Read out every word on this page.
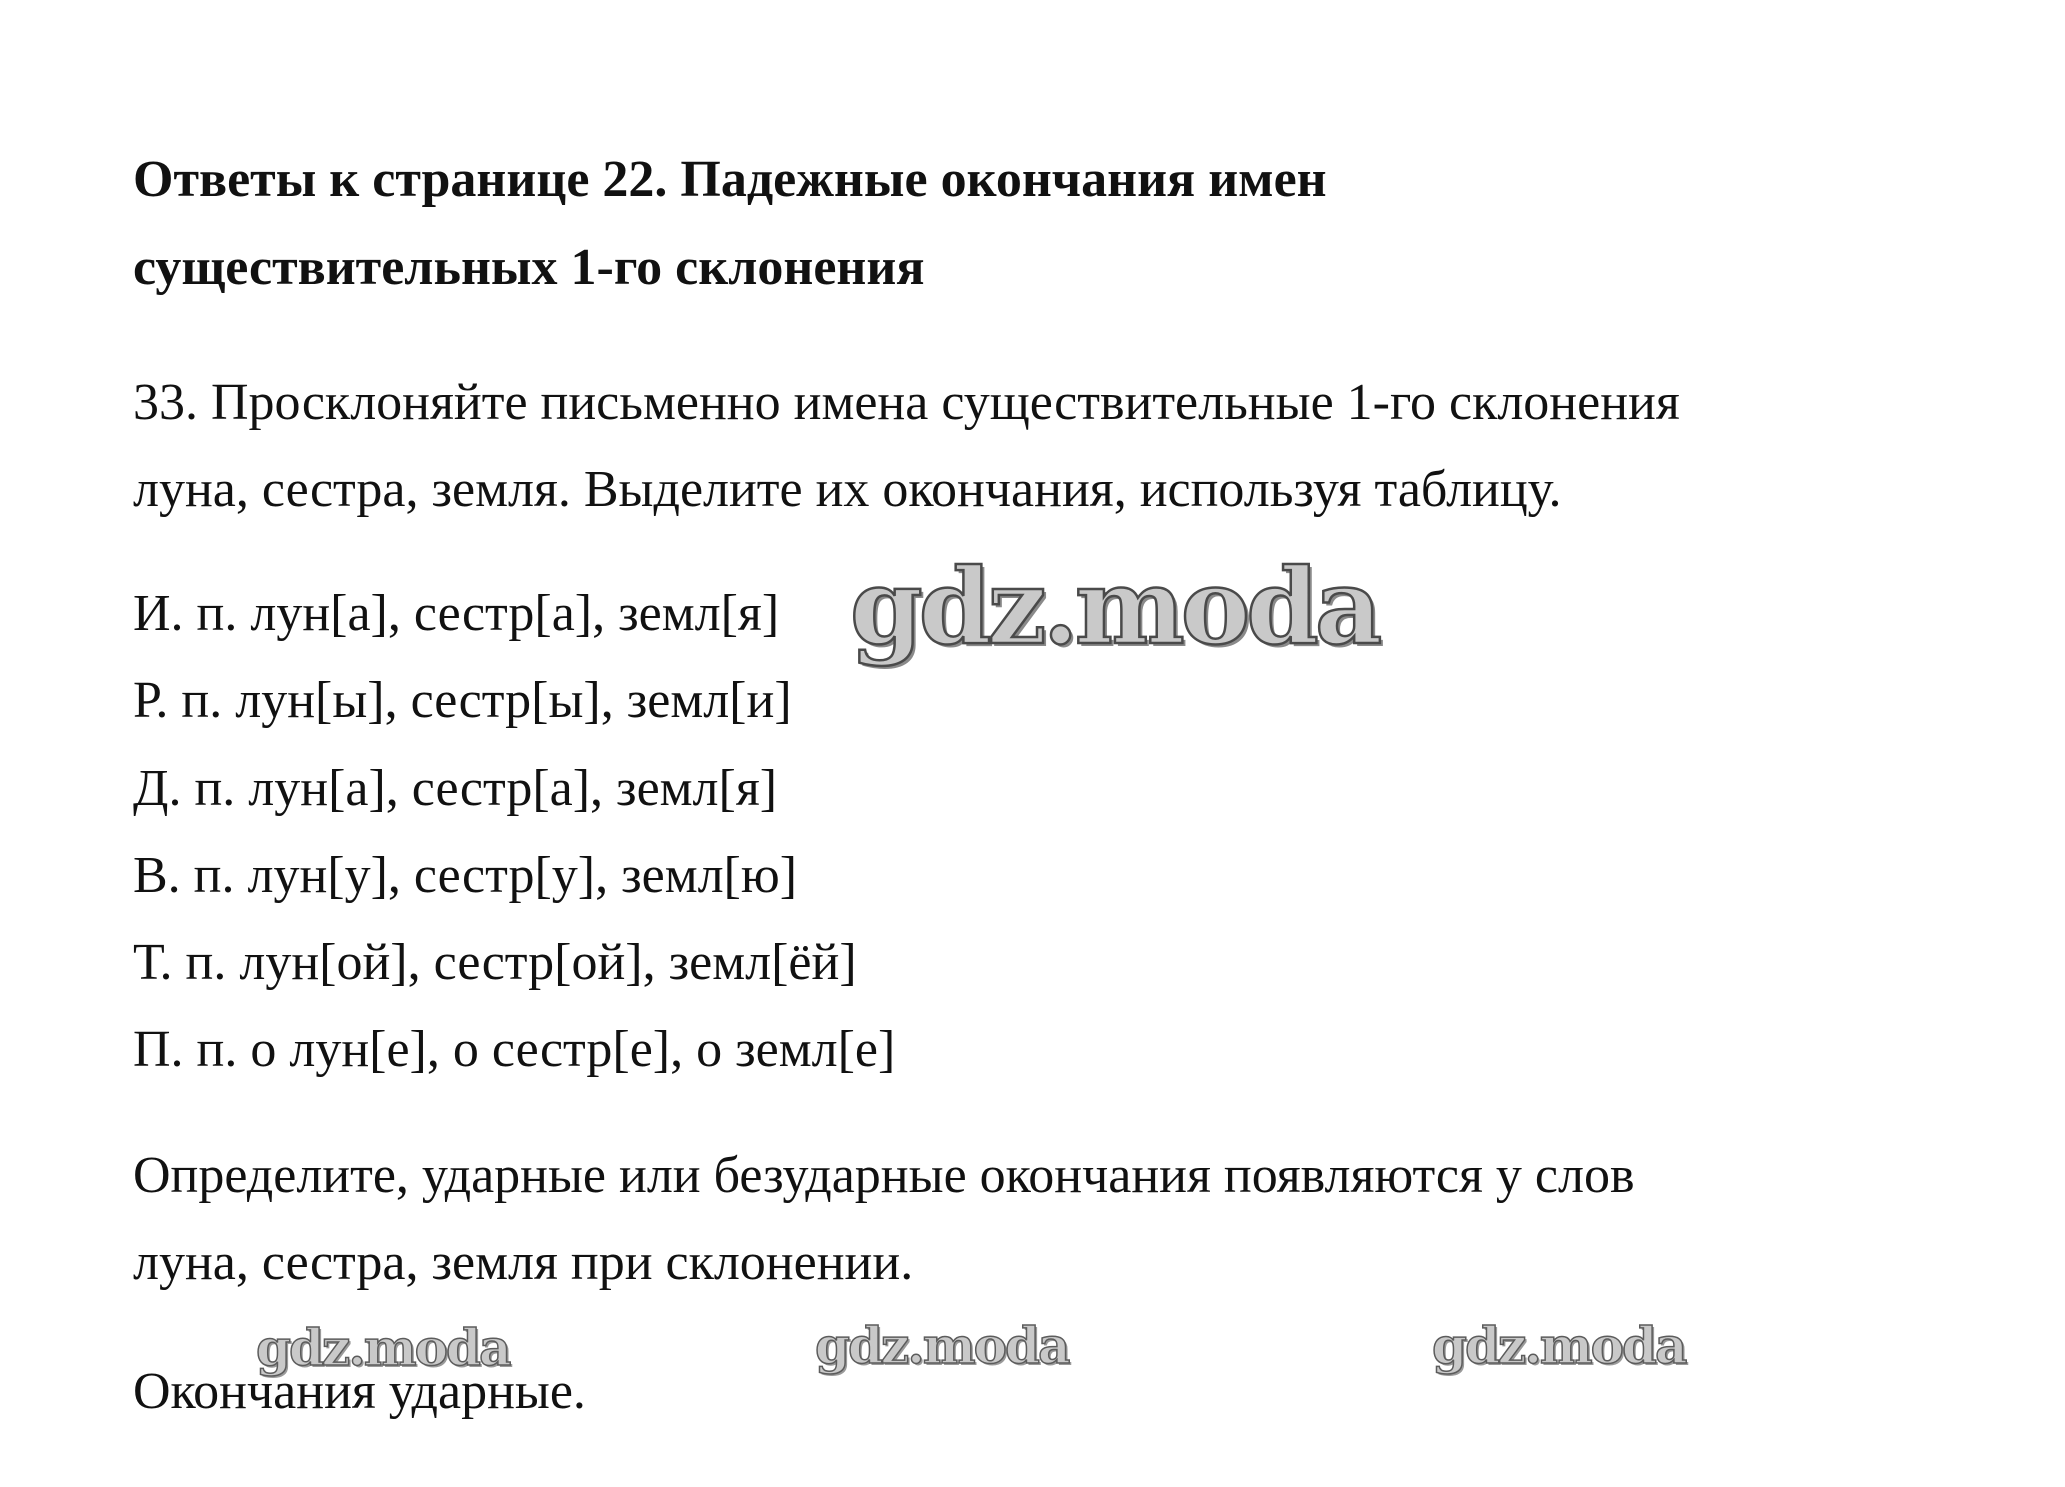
Ответы к странице 22. Падежные окончания имен
существительных 1-го склонения
33. Просклоняйте письменно имена существительные 1-го склонения
луна, сестра, земля. Выделите их окончания, используя таблицу.
И. п. лун[а], сестр[а], земл[я]
Р. п. лун[ы], сестр[ы], земл[и]
Д. п. лун[а], сестр[а], земл[я]
В. п. лун[у], сестр[у], земл[ю]
Т. п. лун[ой], сестр[ой], земл[ёй]
П. п. о лун[е], о сестр[е], о земл[е]
Определите, ударные или безударные окончания появляются у слов
луна, сестра, земля при склонении.
Окончания ударные.
gdz.moda
gdz.moda	gdz.moda	gdz.moda
